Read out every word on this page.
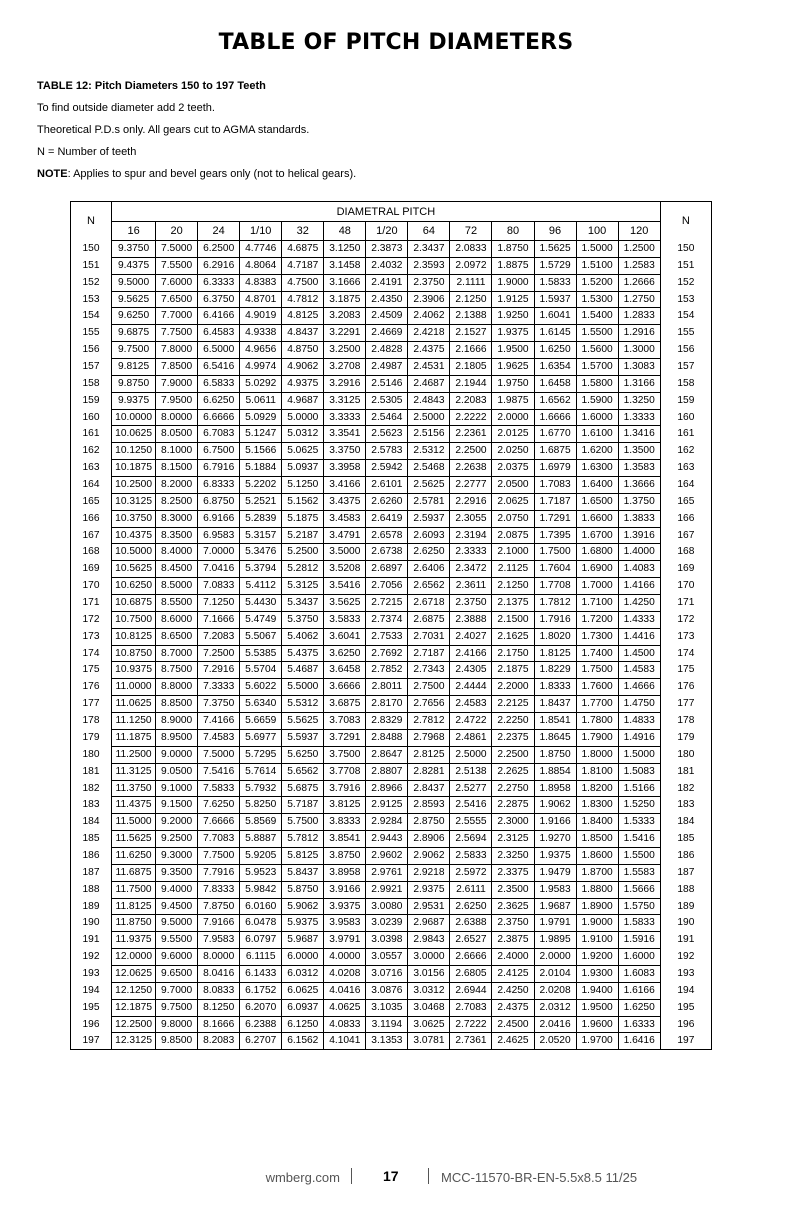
TABLE OF PITCH DIAMETERS
TABLE 12: Pitch Diameters 150 to 197 Teeth
To find outside diameter add 2 teeth.
Theoretical P.D.s only. All gears cut to AGMA standards.
N = Number of teeth
NOTE: Applies to spur and bevel gears only (not to helical gears).
N	DIAMETRAL PITCH													N
	16	20	24	1/10	32	48	1/20	64	72	80	96	100	120	
150	9.3750	7.5000	6.2500	4.7746	4.6875	3.1250	2.3873	2.3437	2.0833	1.8750	1.5625	1.5000	1.2500	150
151	9.4375	7.5500	6.2916	4.8064	4.7187	3.1458	2.4032	2.3593	2.0972	1.8875	1.5729	1.5100	1.2583	151
152	9.5000	7.6000	6.3333	4.8383	4.7500	3.1666	2.4191	2.3750	2.1111	1.9000	1.5833	1.5200	1.2666	152
153	9.5625	7.6500	6.3750	4.8701	4.7812	3.1875	2.4350	2.3906	2.1250	1.9125	1.5937	1.5300	1.2750	153
154	9.6250	7.7000	6.4166	4.9019	4.8125	3.2083	2.4509	2.4062	2.1388	1.9250	1.6041	1.5400	1.2833	154
155	9.6875	7.7500	6.4583	4.9338	4.8437	3.2291	2.4669	2.4218	2.1527	1.9375	1.6145	1.5500	1.2916	155
156	9.7500	7.8000	6.5000	4.9656	4.8750	3.2500	2.4828	2.4375	2.1666	1.9500	1.6250	1.5600	1.3000	156
157	9.8125	7.8500	6.5416	4.9974	4.9062	3.2708	2.4987	2.4531	2.1805	1.9625	1.6354	1.5700	1.3083	157
158	9.8750	7.9000	6.5833	5.0292	4.9375	3.2916	2.5146	2.4687	2.1944	1.9750	1.6458	1.5800	1.3166	158
159	9.9375	7.9500	6.6250	5.0611	4.9687	3.3125	2.5305	2.4843	2.2083	1.9875	1.6562	1.5900	1.3250	159
160	10.0000	8.0000	6.6666	5.0929	5.0000	3.3333	2.5464	2.5000	2.2222	2.0000	1.6666	1.6000	1.3333	160
161	10.0625	8.0500	6.7083	5.1247	5.0312	3.3541	2.5623	2.5156	2.2361	2.0125	1.6770	1.6100	1.3416	161
162	10.1250	8.1000	6.7500	5.1566	5.0625	3.3750	2.5783	2.5312	2.2500	2.0250	1.6875	1.6200	1.3500	162
163	10.1875	8.1500	6.7916	5.1884	5.0937	3.3958	2.5942	2.5468	2.2638	2.0375	1.6979	1.6300	1.3583	163
164	10.2500	8.2000	6.8333	5.2202	5.1250	3.4166	2.6101	2.5625	2.2777	2.0500	1.7083	1.6400	1.3666	164
165	10.3125	8.2500	6.8750	5.2521	5.1562	3.4375	2.6260	2.5781	2.2916	2.0625	1.7187	1.6500	1.3750	165
166	10.3750	8.3000	6.9166	5.2839	5.1875	3.4583	2.6419	2.5937	2.3055	2.0750	1.7291	1.6600	1.3833	166
167	10.4375	8.3500	6.9583	5.3157	5.2187	3.4791	2.6578	2.6093	2.3194	2.0875	1.7395	1.6700	1.3916	167
168	10.5000	8.4000	7.0000	5.3476	5.2500	3.5000	2.6738	2.6250	2.3333	2.1000	1.7500	1.6800	1.4000	168
169	10.5625	8.4500	7.0416	5.3794	5.2812	3.5208	2.6897	2.6406	2.3472	2.1125	1.7604	1.6900	1.4083	169
170	10.6250	8.5000	7.0833	5.4112	5.3125	3.5416	2.7056	2.6562	2.3611	2.1250	1.7708	1.7000	1.4166	170
171	10.6875	8.5500	7.1250	5.4430	5.3437	3.5625	2.7215	2.6718	2.3750	2.1375	1.7812	1.7100	1.4250	171
172	10.7500	8.6000	7.1666	5.4749	5.3750	3.5833	2.7374	2.6875	2.3888	2.1500	1.7916	1.7200	1.4333	172
173	10.8125	8.6500	7.2083	5.5067	5.4062	3.6041	2.7533	2.7031	2.4027	2.1625	1.8020	1.7300	1.4416	173
174	10.8750	8.7000	7.2500	5.5385	5.4375	3.6250	2.7692	2.7187	2.4166	2.1750	1.8125	1.7400	1.4500	174
175	10.9375	8.7500	7.2916	5.5704	5.4687	3.6458	2.7852	2.7343	2.4305	2.1875	1.8229	1.7500	1.4583	175
176	11.0000	8.8000	7.3333	5.6022	5.5000	3.6666	2.8011	2.7500	2.4444	2.2000	1.8333	1.7600	1.4666	176
177	11.0625	8.8500	7.3750	5.6340	5.5312	3.6875	2.8170	2.7656	2.4583	2.2125	1.8437	1.7700	1.4750	177
178	11.1250	8.9000	7.4166	5.6659	5.5625	3.7083	2.8329	2.7812	2.4722	2.2250	1.8541	1.7800	1.4833	178
179	11.1875	8.9500	7.4583	5.6977	5.5937	3.7291	2.8488	2.7968	2.4861	2.2375	1.8645	1.7900	1.4916	179
180	11.2500	9.0000	7.5000	5.7295	5.6250	3.7500	2.8647	2.8125	2.5000	2.2500	1.8750	1.8000	1.5000	180
181	11.3125	9.0500	7.5416	5.7614	5.6562	3.7708	2.8807	2.8281	2.5138	2.2625	1.8854	1.8100	1.5083	181
182	11.3750	9.1000	7.5833	5.7932	5.6875	3.7916	2.8966	2.8437	2.5277	2.2750	1.8958	1.8200	1.5166	182
183	11.4375	9.1500	7.6250	5.8250	5.7187	3.8125	2.9125	2.8593	2.5416	2.2875	1.9062	1.8300	1.5250	183
184	11.5000	9.2000	7.6666	5.8569	5.7500	3.8333	2.9284	2.8750	2.5555	2.3000	1.9166	1.8400	1.5333	184
185	11.5625	9.2500	7.7083	5.8887	5.7812	3.8541	2.9443	2.8906	2.5694	2.3125	1.9270	1.8500	1.5416	185
186	11.6250	9.3000	7.7500	5.9205	5.8125	3.8750	2.9602	2.9062	2.5833	2.3250	1.9375	1.8600	1.5500	186
187	11.6875	9.3500	7.7916	5.9523	5.8437	3.8958	2.9761	2.9218	2.5972	2.3375	1.9479	1.8700	1.5583	187
188	11.7500	9.4000	7.8333	5.9842	5.8750	3.9166	2.9921	2.9375	2.6111	2.3500	1.9583	1.8800	1.5666	188
189	11.8125	9.4500	7.8750	6.0160	5.9062	3.9375	3.0080	2.9531	2.6250	2.3625	1.9687	1.8900	1.5750	189
190	11.8750	9.5000	7.9166	6.0478	5.9375	3.9583	3.0239	2.9687	2.6388	2.3750	1.9791	1.9000	1.5833	190
191	11.9375	9.5500	7.9583	6.0797	5.9687	3.9791	3.0398	2.9843	2.6527	2.3875	1.9895	1.9100	1.5916	191
192	12.0000	9.6000	8.0000	6.1115	6.0000	4.0000	3.0557	3.0000	2.6666	2.4000	2.0000	1.9200	1.6000	192
193	12.0625	9.6500	8.0416	6.1433	6.0312	4.0208	3.0716	3.0156	2.6805	2.4125	2.0104	1.9300	1.6083	193
194	12.1250	9.7000	8.0833	6.1752	6.0625	4.0416	3.0876	3.0312	2.6944	2.4250	2.0208	1.9400	1.6166	194
195	12.1875	9.7500	8.1250	6.2070	6.0937	4.0625	3.1035	3.0468	2.7083	2.4375	2.0312	1.9500	1.6250	195
196	12.2500	9.8000	8.1666	6.2388	6.1250	4.0833	3.1194	3.0625	2.7222	2.4500	2.0416	1.9600	1.6333	196
197	12.3125	9.8500	8.2083	6.2707	6.1562	4.1041	3.1353	3.0781	2.7361	2.4625	2.0520	1.9700	1.6416	197
wmberg.com	17	MCC-11570-BR-EN-5.5x8.5 11/25
